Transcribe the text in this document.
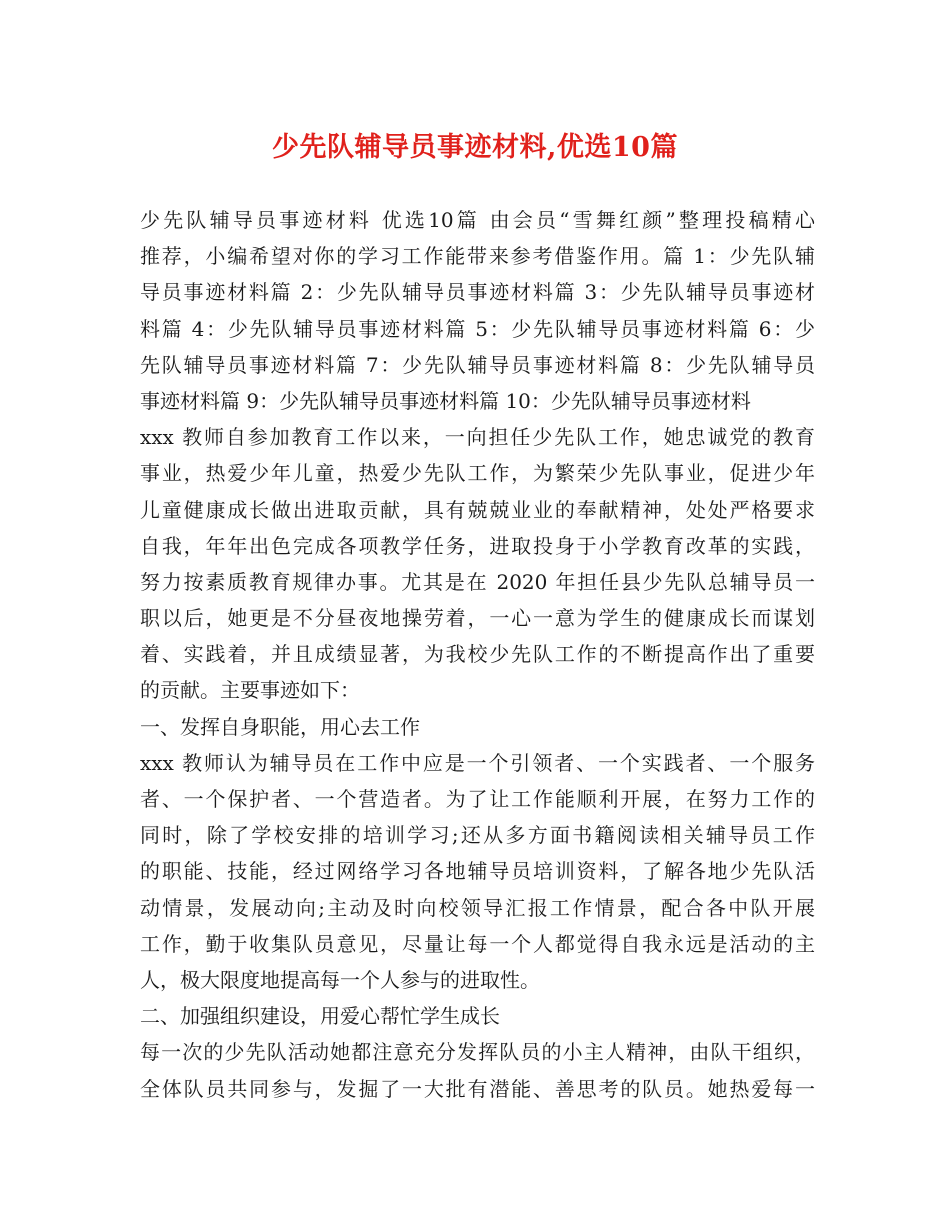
少先队辅导员事迹材料,优选10篇
少先队辅导员事迹材料 优选10篇 由会员“雪舞红颜”整理投稿精心
推荐，小编希望对你的学习工作能带来参考借鉴作用。篇 1：少先队辅
导员事迹材料篇 2：少先队辅导员事迹材料篇 3：少先队辅导员事迹材
料篇 4：少先队辅导员事迹材料篇 5：少先队辅导员事迹材料篇 6：少
先队辅导员事迹材料篇 7：少先队辅导员事迹材料篇 8：少先队辅导员
事迹材料篇 9：少先队辅导员事迹材料篇 10：少先队辅导员事迹材料
xxx 教师自参加教育工作以来，一向担任少先队工作，她忠诚党的教育
事业，热爱少年儿童，热爱少先队工作，为繁荣少先队事业，促进少年
儿童健康成长做出进取贡献，具有兢兢业业的奉献精神，处处严格要求
自我，年年出色完成各项教学任务，进取投身于小学教育改革的实践，
努力按素质教育规律办事。尤其是在 2020 年担任县少先队总辅导员一
职以后，她更是不分昼夜地操劳着，一心一意为学生的健康成长而谋划
着、实践着，并且成绩显著，为我校少先队工作的不断提高作出了重要
的贡献。主要事迹如下：
一、发挥自身职能，用心去工作
xxx 教师认为辅导员在工作中应是一个引领者、一个实践者、一个服务
者、一个保护者、一个营造者。为了让工作能顺利开展，在努力工作的
同时，除了学校安排的培训学习;还从多方面书籍阅读相关辅导员工作
的职能、技能，经过网络学习各地辅导员培训资料，了解各地少先队活
动情景，发展动向;主动及时向校领导汇报工作情景，配合各中队开展
工作，勤于收集队员意见，尽量让每一个人都觉得自我永远是活动的主
人，极大限度地提高每一个人参与的进取性。
二、加强组织建设，用爱心帮忙学生成长
每一次的少先队活动她都注意充分发挥队员的小主人精神，由队干组织，
全体队员共同参与，发掘了一大批有潜能、善思考的队员。她热爱每一
